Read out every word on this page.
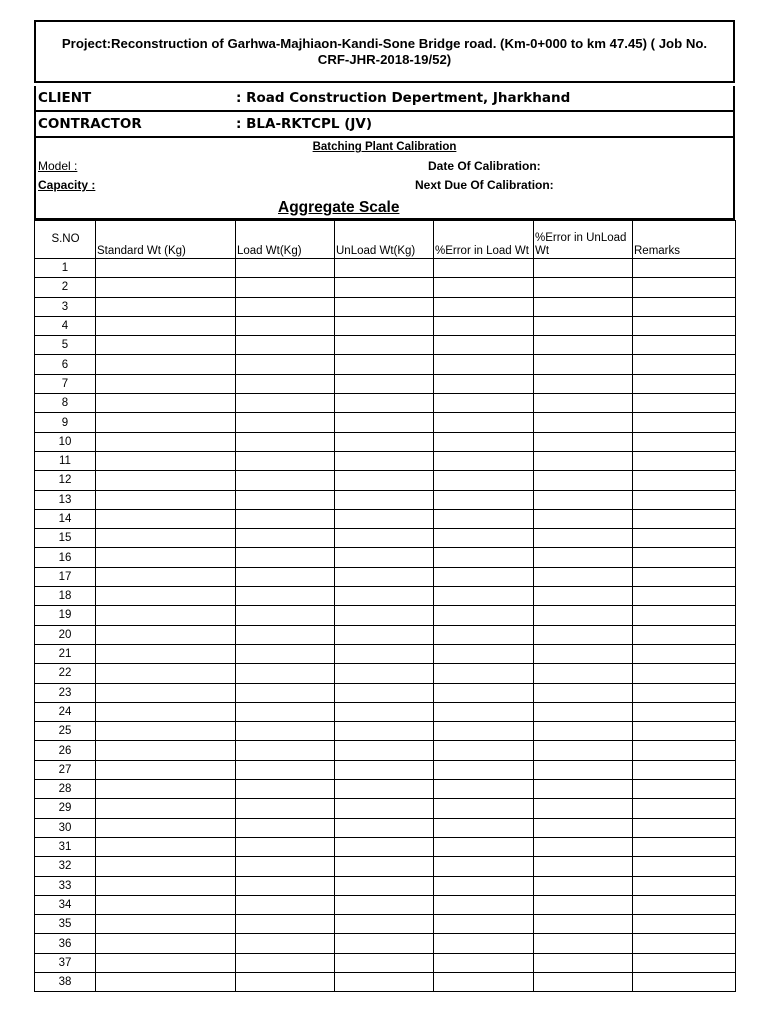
Project:Reconstruction of Garhwa-Majhiaon-Kandi-Sone Bridge road. (Km-0+000 to km 47.45) ( Job No. CRF-JHR-2018-19/52)
CLIENT	: Road Construction Depertment, Jharkhand
CONTRACTOR	: BLA-RKTCPL (JV)
Batching Plant Calibration
Model :
Capacity :
Date Of Calibration:
Next Due Of Calibration:
Aggregate Scale
S.NO	Standard Wt (Kg)	Load Wt(Kg)	UnLoad Wt(Kg)	%Error in Load Wt	%Error in UnLoad Wt	Remarks
1						
2						
3						
4						
5						
6						
7						
8						
9						
10						
11						
12						
13						
14						
15						
16						
17						
18						
19						
20						
21						
22						
23						
24						
25						
26						
27						
28						
29						
30						
31						
32						
33						
34						
35						
36						
37						
38						
